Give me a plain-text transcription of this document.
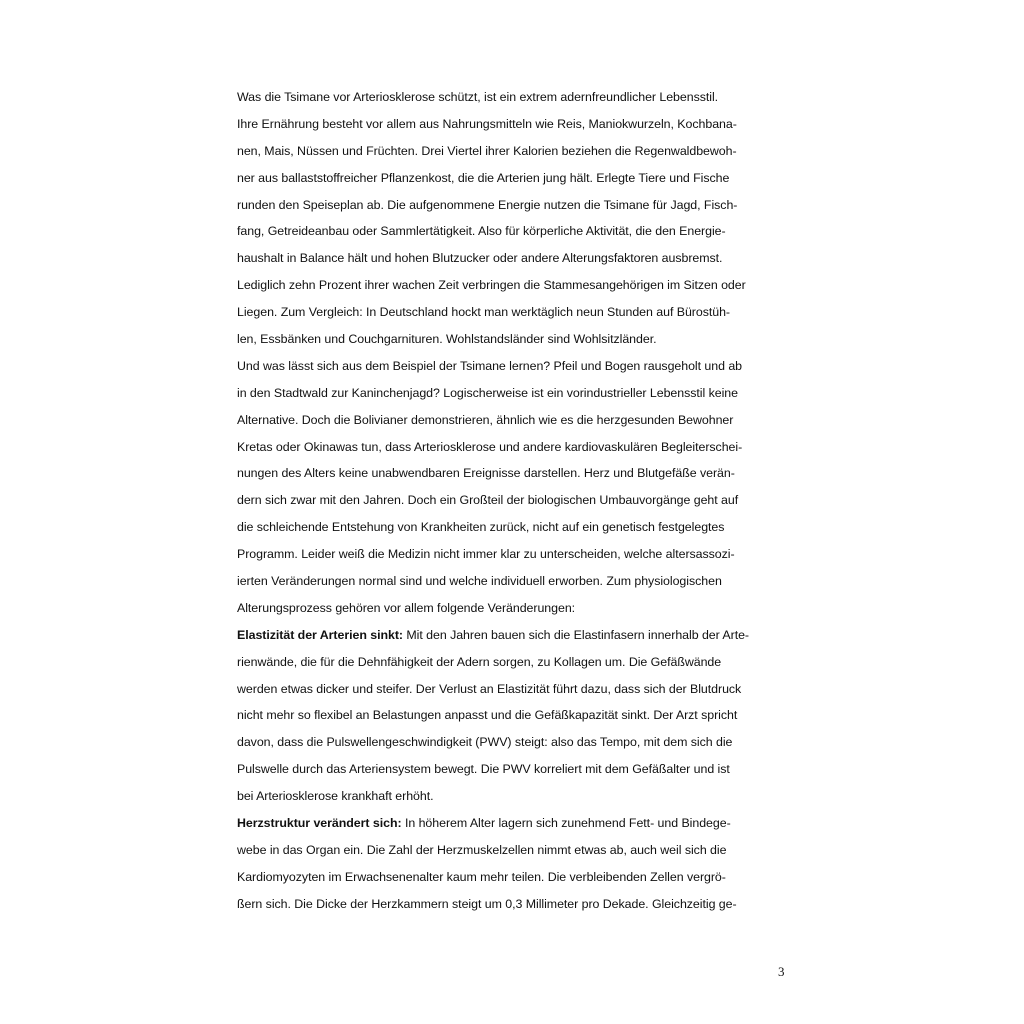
Was die Tsimane vor Arteriosklerose schützt, ist ein extrem adernfreundlicher Lebensstil.
Ihre Ernährung besteht vor allem aus Nahrungsmitteln wie Reis, Maniokwurzeln, Kochbana-
nen, Mais, Nüssen und Früchten. Drei Viertel ihrer Kalorien beziehen die Regenwaldbewoh-
ner aus ballaststoffreicher Pflanzenkost, die die Arterien jung hält. Erlegte Tiere und Fische
runden den Speiseplan ab. Die aufgenommene Energie nutzen die Tsimane für Jagd, Fisch-
fang, Getreideanbau oder Sammlertätigkeit. Also für körperliche Aktivität, die den Energie-
haushalt in Balance hält und hohen Blutzucker oder andere Alterungsfaktoren ausbremst.
Lediglich zehn Prozent ihrer wachen Zeit verbringen die Stammesangehörigen im Sitzen oder
Liegen. Zum Vergleich: In Deutschland hockt man werktäglich neun Stunden auf Bürostüh-
len, Essbänken und Couchgarnituren. Wohlstandsländer sind Wohlsitzländer.
Und was lässt sich aus dem Beispiel der Tsimane lernen? Pfeil und Bogen rausgeholt und ab
in den Stadtwald zur Kaninchenjagd? Logischerweise ist ein vorindustrieller Lebensstil keine
Alternative. Doch die Bolivianer demonstrieren, ähnlich wie es die herzgesunden Bewohner
Kretas oder Okinawas tun, dass Arteriosklerose und andere kardiovaskulären Begleiterschei-
nungen des Alters keine unabwendbaren Ereignisse darstellen. Herz und Blutgefäße verän-
dern sich zwar mit den Jahren. Doch ein Großteil der biologischen Umbauvorgänge geht auf
die schleichende Entstehung von Krankheiten zurück, nicht auf ein genetisch festgelegtes
Programm. Leider weiß die Medizin nicht immer klar zu unterscheiden, welche altersassozi-
ierten Veränderungen normal sind und welche individuell erworben. Zum physiologischen
Alterungsprozess gehören vor allem folgende Veränderungen:
Elastizität der Arterien sinkt: Mit den Jahren bauen sich die Elastinfasern innerhalb der Arte-
rienwände, die für die Dehnfähigkeit der Adern sorgen, zu Kollagen um. Die Gefäßwände
werden etwas dicker und steifer. Der Verlust an Elastizität führt dazu, dass sich der Blutdruck
nicht mehr so flexibel an Belastungen anpasst und die Gefäßkapazität sinkt. Der Arzt spricht
davon, dass die Pulswellengeschwindigkeit (PWV) steigt: also das Tempo, mit dem sich die
Pulswelle durch das Arteriensystem bewegt. Die PWV korreliert mit dem Gefäßalter und ist
bei Arteriosklerose krankhaft erhöht.
Herzstruktur verändert sich: In höherem Alter lagern sich zunehmend Fett- und Bindege-
webe in das Organ ein. Die Zahl der Herzmuskelzellen nimmt etwas ab, auch weil sich die
Kardiomyozyten im Erwachsenenalter kaum mehr teilen. Die verbleibenden Zellen vergrö-
ßern sich. Die Dicke der Herzkammern steigt um 0,3 Millimeter pro Dekade. Gleichzeitig ge-
3
